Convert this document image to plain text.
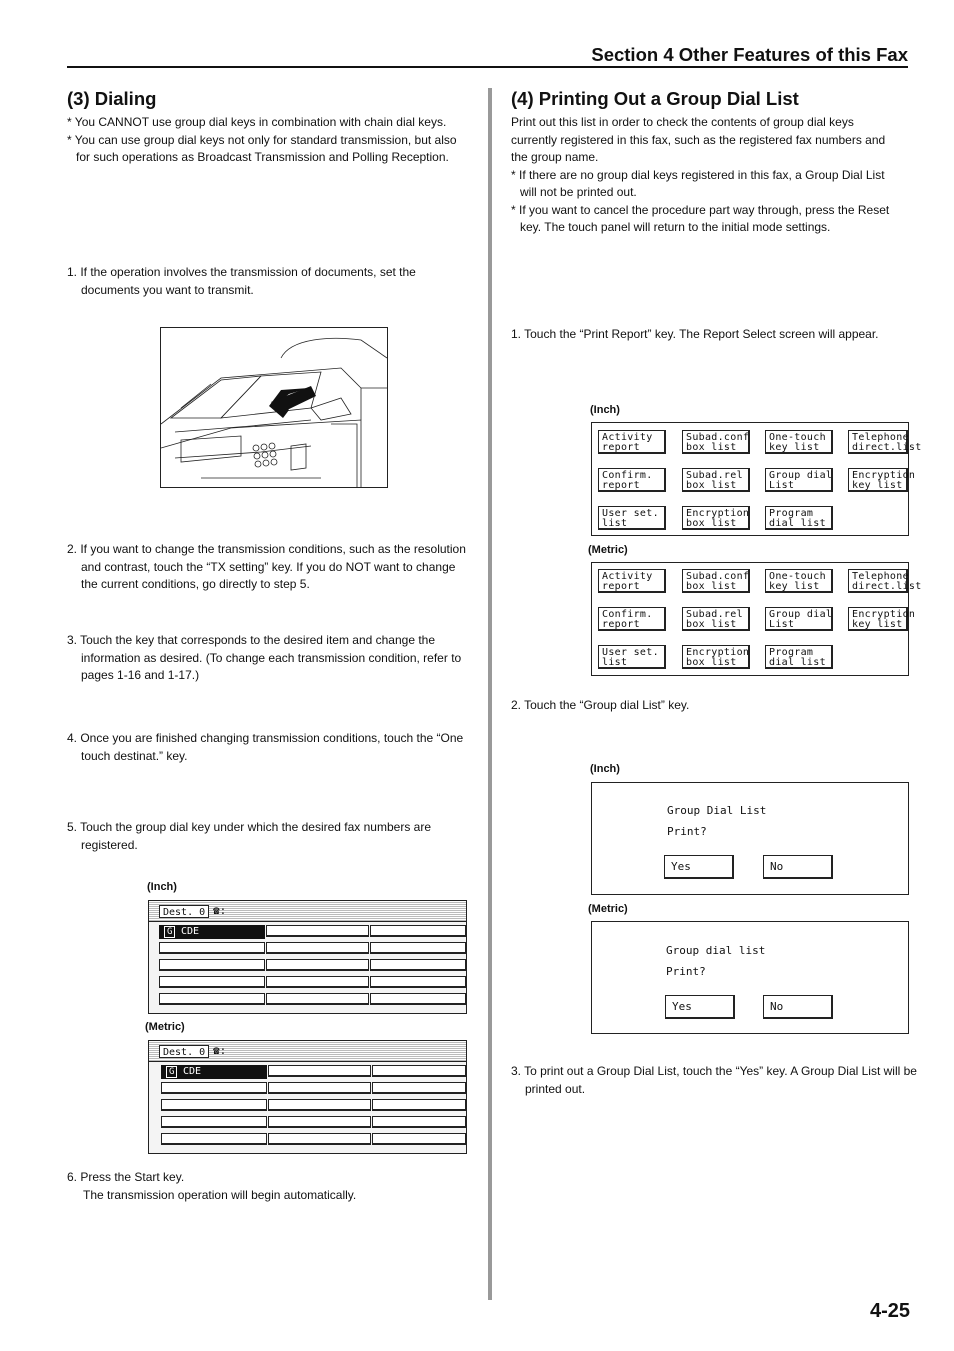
Section 4 Other Features of this Fax
(3) Dialing

* You CANNOT use group dial keys in combination with chain dial keys.

* You can use group dial keys not only for standard transmission, but also for such operations as Broadcast Transmission and Polling Reception.

1. If the operation involves the transmission of documents, set the documents you want to transmit.
2. If you want to change the transmission conditions, such as the resolution and contrast, touch the “TX setting” key. If you do NOT want to change the current conditions, go directly to step 5.
3. Touch the key that corresponds to the desired item and change the information as desired. (To change each transmission condition, refer to pages 1-16 and 1-17.)
4. Once you are finished changing transmission conditions, touch the “One touch destinat.” key.
5. Touch the group dial key under which the desired fax numbers are registered.
(Inch)
Dest. 0 ☎:
G CDE
(Metric)
Dest. 0 ☎:
G CDE

6. Press the Start key.

The transmission operation will begin automatically.

(4) Printing Out a Group Dial List

Print out this list in order to check the contents of group dial keys currently registered in this fax, such as the registered fax numbers and the group name.

* If there are no group dial keys registered in this fax, a Group Dial List will not be printed out.

* If you want to cancel the procedure part way through, press the Reset key. The touch panel will return to the initial mode settings.

1. Touch the “Print Report” key. The Report Select screen will appear.
(Inch)
Activity
report
Subad.conf
box list
One-touch
key list
Telephone
direct.list
Confirm.
report
Subad.rel
box list
Group dial
List
Encryption
key list
User set.
list
Encryption
box list
Program
dial list
(Metric)
Activity
report
Subad.conf
box list
One-touch
key list
Telephone
direct.list
Confirm.
report
Subad.rel
box list
Group dial
List
Encryption
key list
User set.
list
Encryption
box list
Program
dial list
2. Touch the “Group dial List” key.
(Inch)
Group Dial List
Print?
Yes	No
(Metric)
Group dial list
Print?
Yes	No
3. To print out a Group Dial List, touch the “Yes” key. A Group Dial List will be printed out.
4-25
